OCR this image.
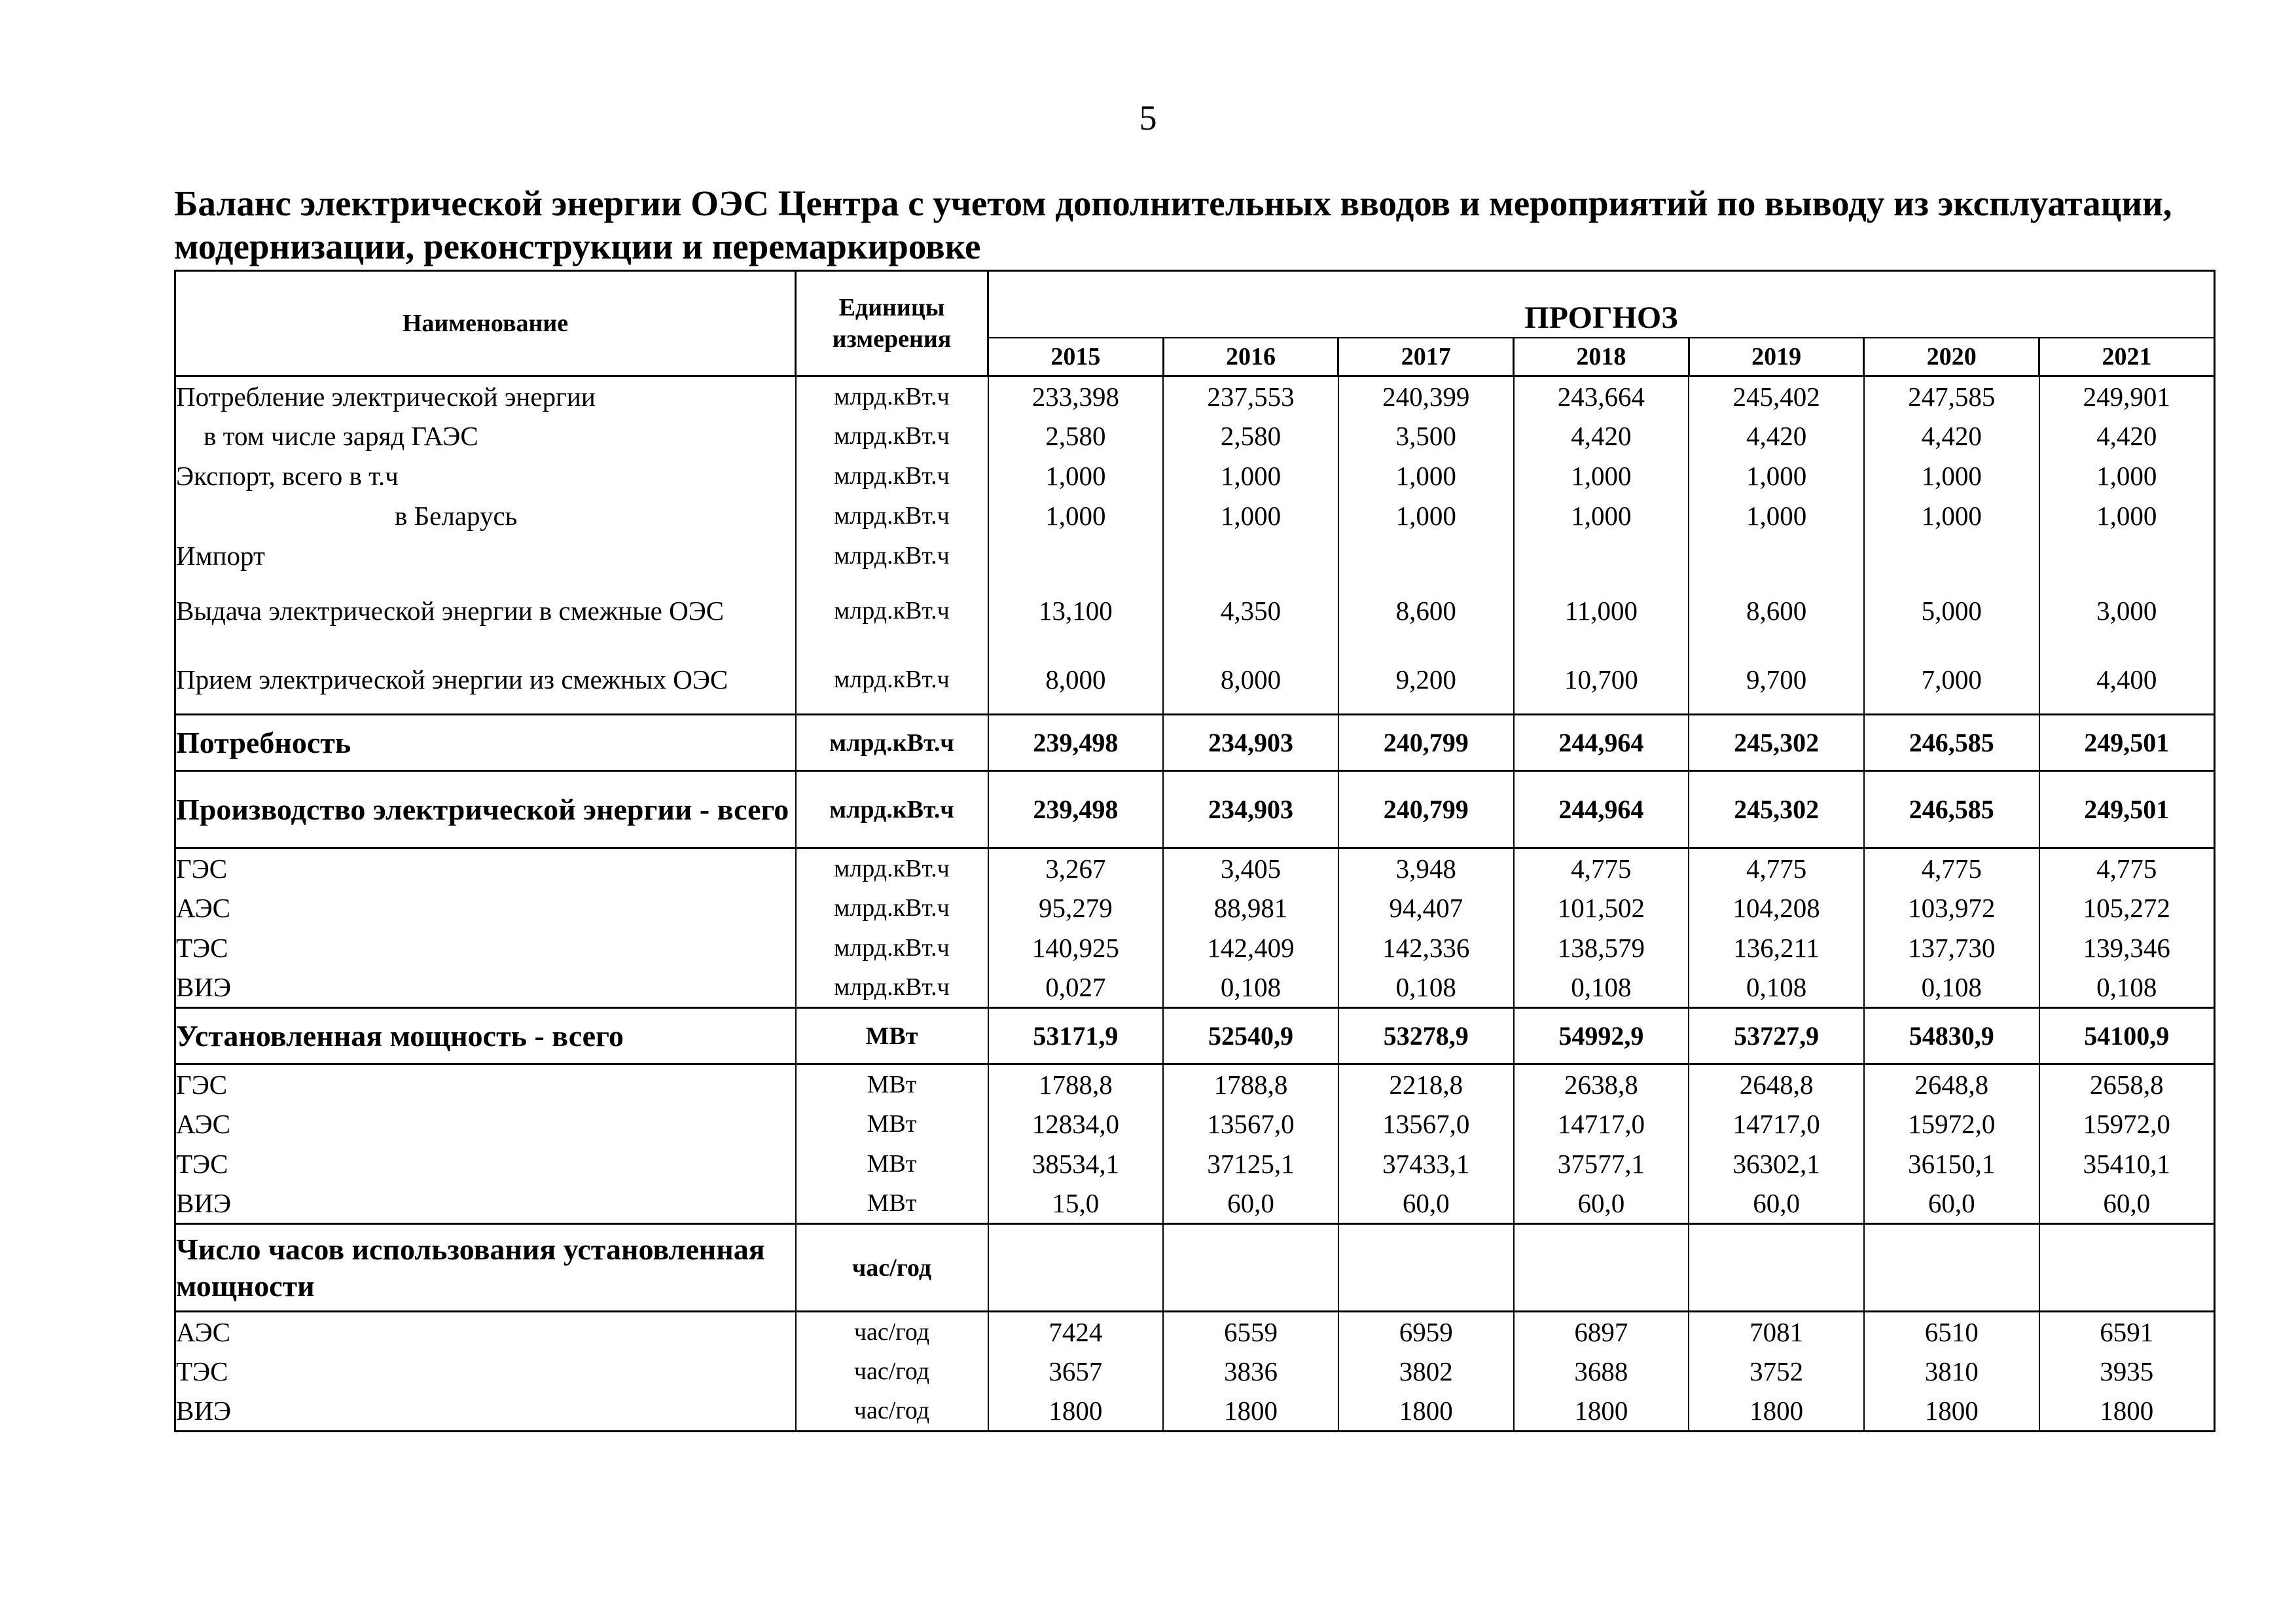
5
Баланс электрической энергии ОЭС Центра с учетом дополнительных вводов и мероприятий по выводу из эксплуатации, модернизации, реконструкции и перемаркировке
Наименование	Единицы измерения	ПРОГНОЗ						
		2015	2016	2017	2018	2019	2020	2021
Потребление электрической энергии	млрд.кВт.ч	233,398	237,553	240,399	243,664	245,402	247,585	249,901
в том числе заряд ГАЭС	млрд.кВт.ч	2,580	2,580	3,500	4,420	4,420	4,420	4,420
Экспорт, всего в т.ч	млрд.кВт.ч	1,000	1,000	1,000	1,000	1,000	1,000	1,000
в Беларусь	млрд.кВт.ч	1,000	1,000	1,000	1,000	1,000	1,000	1,000
Импорт	млрд.кВт.ч							
Выдача электрической энергии в смежные ОЭС	млрд.кВт.ч	13,100	4,350	8,600	11,000	8,600	5,000	3,000
Прием электрической энергии из смежных ОЭС	млрд.кВт.ч	8,000	8,000	9,200	10,700	9,700	7,000	4,400
Потребность	млрд.кВт.ч	239,498	234,903	240,799	244,964	245,302	246,585	249,501
Производство электрической энергии - всего	млрд.кВт.ч	239,498	234,903	240,799	244,964	245,302	246,585	249,501
ГЭС	млрд.кВт.ч	3,267	3,405	3,948	4,775	4,775	4,775	4,775
АЭС	млрд.кВт.ч	95,279	88,981	94,407	101,502	104,208	103,972	105,272
ТЭС	млрд.кВт.ч	140,925	142,409	142,336	138,579	136,211	137,730	139,346
ВИЭ	млрд.кВт.ч	0,027	0,108	0,108	0,108	0,108	0,108	0,108
Установленная мощность - всего	МВт	53171,9	52540,9	53278,9	54992,9	53727,9	54830,9	54100,9
ГЭС	МВт	1788,8	1788,8	2218,8	2638,8	2648,8	2648,8	2658,8
АЭС	МВт	12834,0	13567,0	13567,0	14717,0	14717,0	15972,0	15972,0
ТЭС	МВт	38534,1	37125,1	37433,1	37577,1	36302,1	36150,1	35410,1
ВИЭ	МВт	15,0	60,0	60,0	60,0	60,0	60,0	60,0
Число часов использования установленная мощности	час/год							
АЭС	час/год	7424	6559	6959	6897	7081	6510	6591
ТЭС	час/год	3657	3836	3802	3688	3752	3810	3935
ВИЭ	час/год	1800	1800	1800	1800	1800	1800	1800
